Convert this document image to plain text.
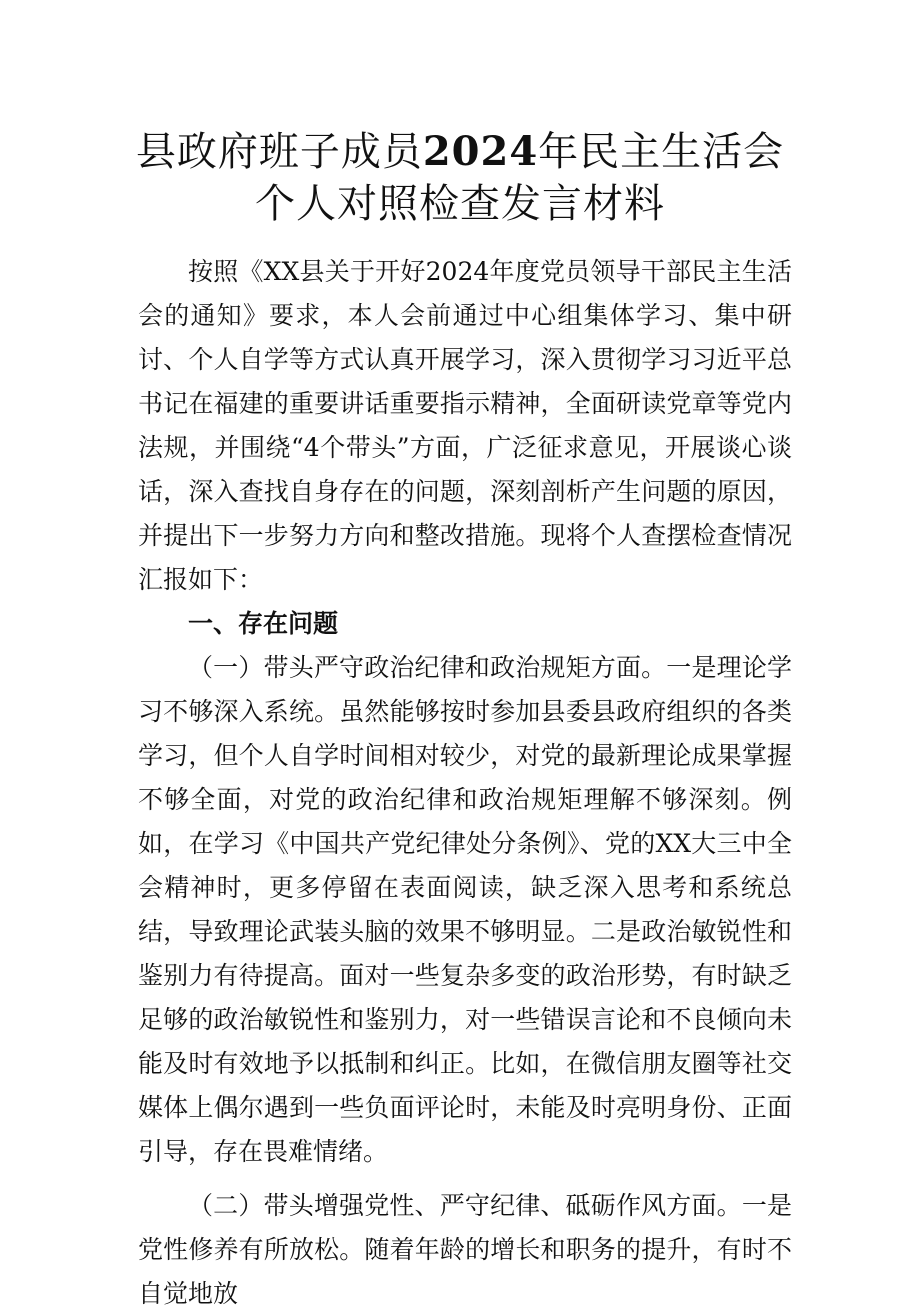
县政府班子成员2024年民主生活会个人对照检查发言材料

按照《XX县关于开好2024年度党员领导干部民主生活会的通知》要求，本人会前通过中心组集体学习、集中研讨、个人自学等方式认真开展学习，深入贯彻学习习近平总书记在福建的重要讲话重要指示精神，全面研读党章等党内法规，并围绕“4个带头”方面，广泛征求意见，开展谈心谈话，深入查找自身存在的问题，深刻剖析产生问题的原因，并提出下一步努力方向和整改措施。现将个人查摆检查情况汇报如下：

一、存在问题

（一）带头严守政治纪律和政治规矩方面。一是理论学习不够深入系统。虽然能够按时参加县委县政府组织的各类学习，但个人自学时间相对较少，对党的最新理论成果掌握不够全面，对党的政治纪律和政治规矩理解不够深刻。例如，在学习《中国共产党纪律处分条例》、党的XX大三中全会精神时，更多停留在表面阅读，缺乏深入思考和系统总结，导致理论武装头脑的效果不够明显。二是政治敏锐性和鉴别力有待提高。面对一些复杂多变的政治形势，有时缺乏足够的政治敏锐性和鉴别力，对一些错误言论和不良倾向未能及时有效地予以抵制和纠正。比如，在微信朋友圈等社交媒体上偶尔遇到一些负面评论时，未能及时亮明身份、正面引导，存在畏难情绪。

（二）带头增强党性、严守纪律、砥砺作风方面。一是党性修养有所放松。随着年龄的增长和职务的提升，有时不自觉地放
